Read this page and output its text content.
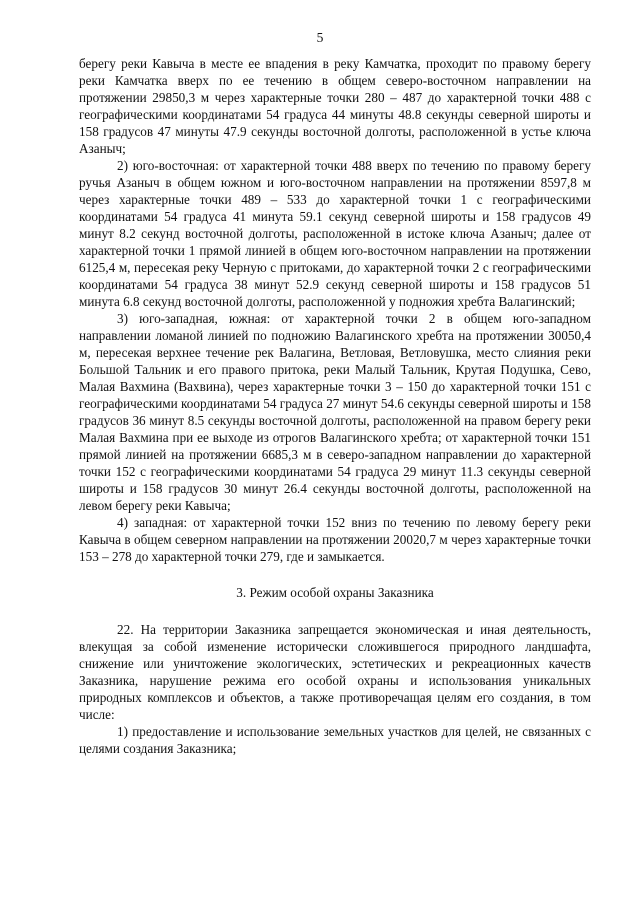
5

берегу реки Кавыча в месте ее впадения в реку Камчатка, проходит по правому берегу реки Камчатка вверх по ее течению в общем северо-восточном направлении на протяжении 29850,3 м через характерные точки 280 – 487 до характерной точки 488 с географическими координатами 54 градуса 44 минуты 48.8 секунды северной широты и 158 градусов 47 минуты 47.9 секунды восточной долготы, расположенной в устье ключа Азаныч;

2) юго-восточная: от характерной точки 488 вверх по течению по правому берегу ручья Азаныч в общем южном и юго-восточном направлении на протяжении 8597,8 м через характерные точки 489 – 533 до характерной точки 1 с географическими координатами 54 градуса 41 минута 59.1 секунд северной широты и 158 градусов 49 минут 8.2 секунд восточной долготы, расположенной в истоке ключа Азаныч; далее от характерной точки 1 прямой линией в общем юго-восточном направлении на протяжении 6125,4 м, пересекая реку Черную с притоками, до характерной точки 2 с географическими координатами 54 градуса 38 минут 52.9 секунд северной широты и 158 градусов 51 минута 6.8 секунд восточной долготы, расположенной у подножия хребта Валагинский;

3) юго-западная, южная: от характерной точки 2 в общем юго-западном направлении ломаной линией по подножию Валагинского хребта на протяжении 30050,4 м, пересекая верхнее течение рек Валагина, Ветловая, Ветловушка, место слияния реки Большой Тальник и его правого притока, реки Малый Тальник, Крутая Подушка, Сево, Малая Вахмина (Вахвина), через характерные точки 3 – 150 до характерной точки 151 с географическими координатами 54 градуса 27 минут 54.6 секунды северной широты и 158 градусов 36 минут 8.5 секунды восточной долготы, расположенной на правом берегу реки Малая Вахмина при ее выходе из отрогов Валагинского хребта; от характерной точки 151 прямой линией на протяжении 6685,3 м в северо-западном направлении до характерной точки 152 с географическими координатами 54 градуса 29 минут 11.3 секунды северной широты и 158 градусов 30 минут 26.4 секунды восточной долготы, расположенной на левом берегу реки Кавыча;

4) западная: от характерной точки 152 вниз по течению по левому берегу реки Кавыча в общем северном направлении на протяжении 20020,7 м через характерные точки 153 – 278 до характерной точки 279, где и замыкается.

3. Режим особой охраны Заказника

22. На территории Заказника запрещается экономическая и иная деятельность, влекущая за собой изменение исторически сложившегося природного ландшафта, снижение или уничтожение экологических, эстетических и рекреационных качеств Заказника, нарушение режима его особой охраны и использования уникальных природных комплексов и объектов, а также противоречащая целям его создания, в том числе:

1) предоставление и использование земельных участков для целей, не связанных с целями создания Заказника;
